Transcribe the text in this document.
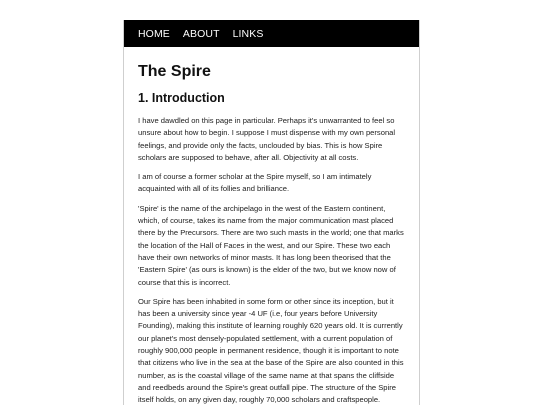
HOME ABOUT LINKS
The Spire
1. Introduction

I have dawdled on this page in particular. Perhaps it's unwarranted to feel so unsure about how to begin. I suppose I must dispense with my own personal feelings, and provide only the facts, unclouded by bias. This is how Spire scholars are supposed to behave, after all. Objectivity at all costs.

I am of course a former scholar at the Spire myself, so I am intimately acquainted with all of its follies and brilliance.

'Spire' is the name of the archipelago in the west of the Eastern continent, which, of course, takes its name from the major communication mast placed there by the Precursors. There are two such masts in the world; one that marks the location of the Hall of Faces in the west, and our Spire. These two each have their own networks of minor masts. It has long been theorised that the 'Eastern Spire' (as ours is known) is the elder of the two, but we know now of course that this is incorrect.

Our Spire has been inhabited in some form or other since its inception, but it has been a university since year -4 UF (i.e, four years before University Founding), making this institute of learning roughly 620 years old. It is currently our planet's most densely-populated settlement, with a current population of roughly 900,000 people in permanent residence, though it is important to note that citizens who live in the sea at the base of the Spire are also counted in this number, as is the coastal village of the same name at that spans the cliffside and reedbeds around the Spire's great outfall pipe. The structure of the Spire itself holds, on any given day, roughly 70,000 scholars and craftspeople.
